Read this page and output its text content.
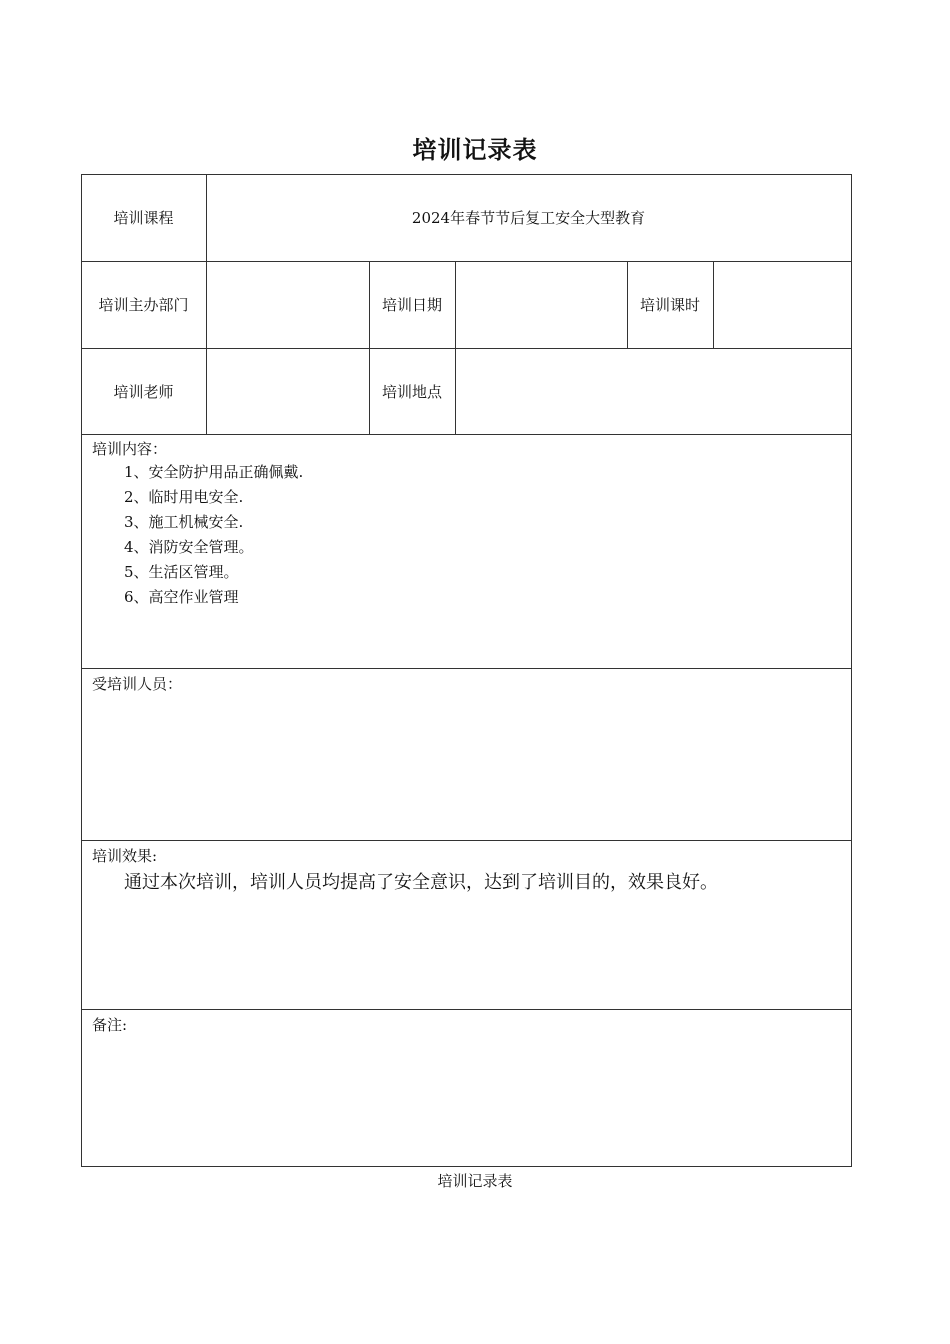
培训记录表
培训课程	2024年春节节后复工安全大型教育
培训主办部门	培训日期	培训课时
培训老师	培训地点
培训内容：
1、安全防护用品正确佩戴.
2、临时用电安全.
3、施工机械安全.
4、消防安全管理。
5、生活区管理。
6、高空作业管理
受培训人员：
培训效果:
通过本次培训，培训人员均提高了安全意识，达到了培训目的，效果良好。
备注:
培训记录表
